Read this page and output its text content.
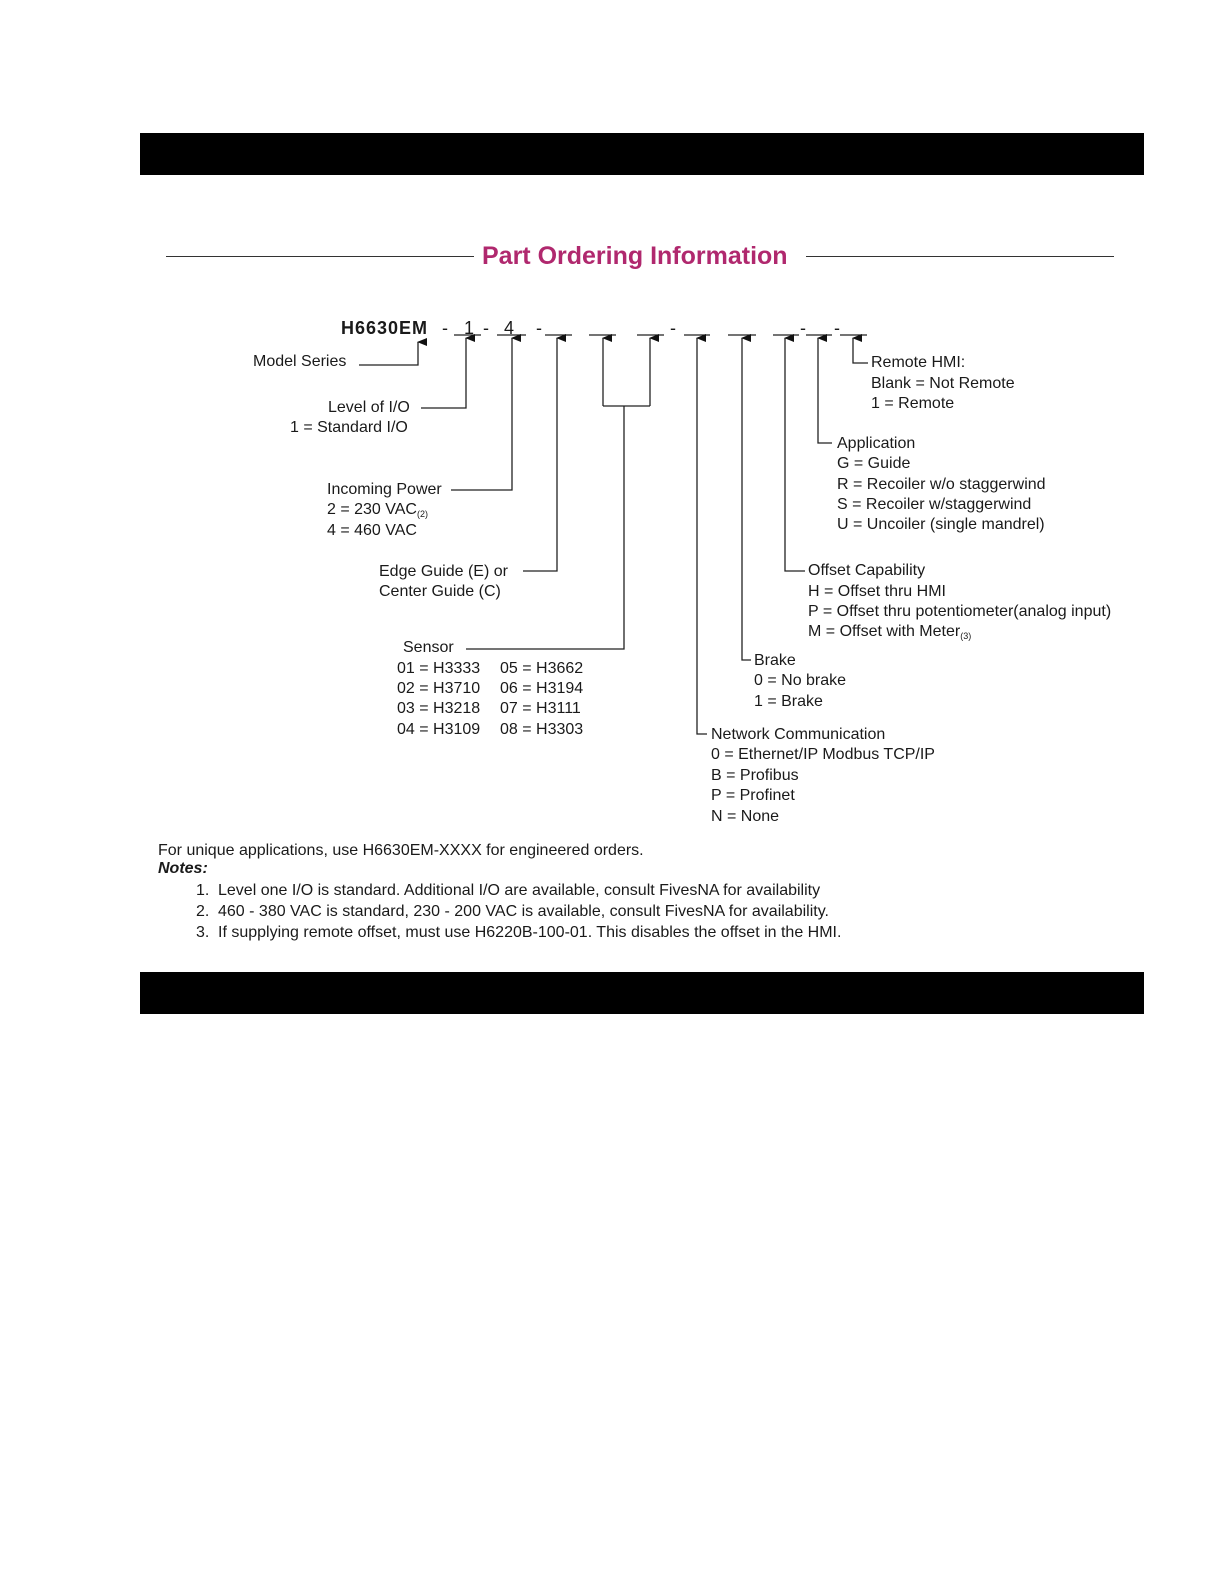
Part Ordering Information
H6630EM - 1 - 4 -	-	- -
Model Series
Level of I/O
1 = Standard I/O
Incoming Power
2 = 230 $VAC_{(2)}$
4 = 460 VAC
Edge Guide (E) or
Center Guide (C)
Sensor
01 = H3333
02 = H3710
03 = H3218
04 = H3109
05 = H3662
06 = H3194
07 = H3111
08 = H3303	Network Communication
0 = Ethernet/IP Modbus TCP/IP
B = Profibus
P = Profinet
N = None
Brake
0 = No brake
1 = Brake
Offset Capability
H = Offset thru HMI
P = Offset thru potentiometer(analog input)
M = Offset with Meter$_{(3)}$
Application
G = Guide
R = Recoiler w/o staggerwind
S = Recoiler w/staggerwind
U = Uncoiler (single mandrel)
Remote HMI:
Blank = Not Remote
1 = Remote
For unique applications, use H6630EM-XXXX for engineered orders.
Notes:
1. Level one I/O is standard. Additional I/O are available, consult FivesNA for availability
2. 460 - 380 VAC is standard, 230 - 200 VAC is available, consult FivesNA for availability.
3. If supplying remote offset, must use H6220B-100-01. This disables the offset in the HMI.
